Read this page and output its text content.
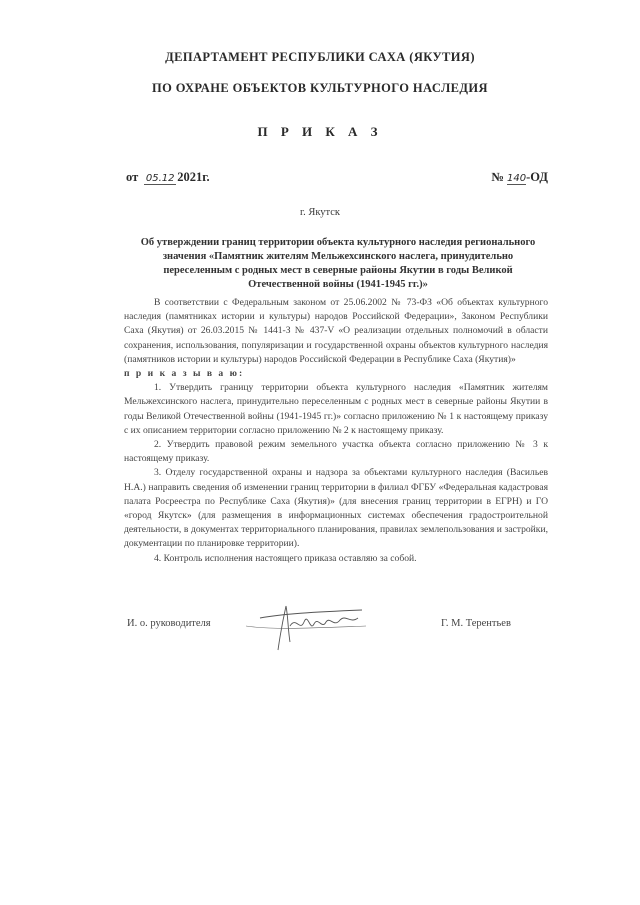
ДЕПАРТАМЕНТ РЕСПУБЛИКИ САХА (ЯКУТИЯ)
ПО ОХРАНЕ ОБЪЕКТОВ КУЛЬТУРНОГО НАСЛЕДИЯ
П Р И К А З
от 05.12 2021г.	№ 140-ОД
г. Якутск
Об утверждении границ территории объекта культурного наследия регионального значения «Памятник жителям Мельжехсинского наслега, принудительно переселенным с родных мест в северные районы Якутии в годы Великой Отечественной войны (1941-1945 гг.)»

В соответствии с Федеральным законом от 25.06.2002 № 73-ФЗ «Об объектах культурного наследия (памятниках истории и культуры) народов Российской Федерации», Законом Республики Саха (Якутия) от 26.03.2015 № 1441-З № 437-V «О реализации отдельных полномочий в области сохранения, использования, популяризации и государственной охраны объектов культурного наследия (памятников истории и культуры) народов Российской Федерации в Республике Саха (Якутия)»
п р и к а з ы в а ю:

1. Утвердить границу территории объекта культурного наследия «Памятник жителям Мельжехсинского наслега, принудительно переселенным с родных мест в северные районы Якутии в годы Великой Отечественной войны (1941-1945 гг.)» согласно приложению № 1 к настоящему приказу с их описанием территории согласно приложению № 2 к настоящему приказу.

2. Утвердить правовой режим земельного участка объекта согласно приложению № 3 к настоящему приказу.

3. Отделу государственной охраны и надзора за объектами культурного наследия (Васильев Н.А.) направить сведения об изменении границ территории в филиал ФГБУ «Федеральная кадастровая палата Росреестра по Республике Саха (Якутия)» (для внесения границ территории в ЕГРН) и ГО «город Якутск» (для размещения в информационных системах обеспечения градостроительной деятельности, в документах территориального планирования, правилах землепользования и застройки, документации по планировке территории).

4. Контроль исполнения настоящего приказа оставляю за собой.

И. о. руководителя	Г. М. Терентьев
